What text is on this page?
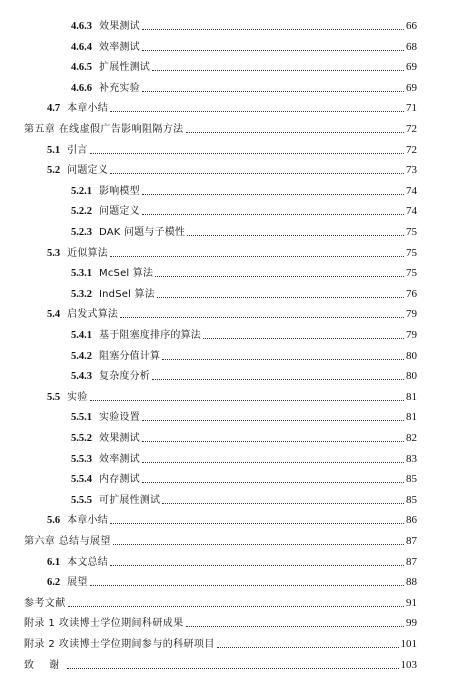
4.6.3 效果测试	66
4.6.4 效率测试	68
4.6.5 扩展性测试	69
4.6.6 补充实验	69
4.7 本章小结	71
第五章 在线虚假广告影响阻隔方法	72
5.1 引言	72
5.2 问题定义	73
5.2.1 影响模型	74
5.2.2 问题定义	74
5.2.3 DAK 问题与子模性	75
5.3 近似算法	75
5.3.1 McSel 算法	75
5.3.2 IndSel 算法	76
5.4 启发式算法	79
5.4.1 基于阻塞度排序的算法	79
5.4.2 阻塞分值计算	80
5.4.3 复杂度分析	80
5.5 实验	81
5.5.1 实验设置	81
5.5.2 效果测试	82
5.5.3 效率测试	83
5.5.4 内存测试	85
5.5.5 可扩展性测试	85
5.6 本章小结	86
第六章 总结与展望	87
6.1 本文总结	87
6.2 展望	88
参考文献	91
附录 1 攻读博士学位期间科研成果	99
附录 2 攻读博士学位期间参与的科研项目	101
致 谢	103
